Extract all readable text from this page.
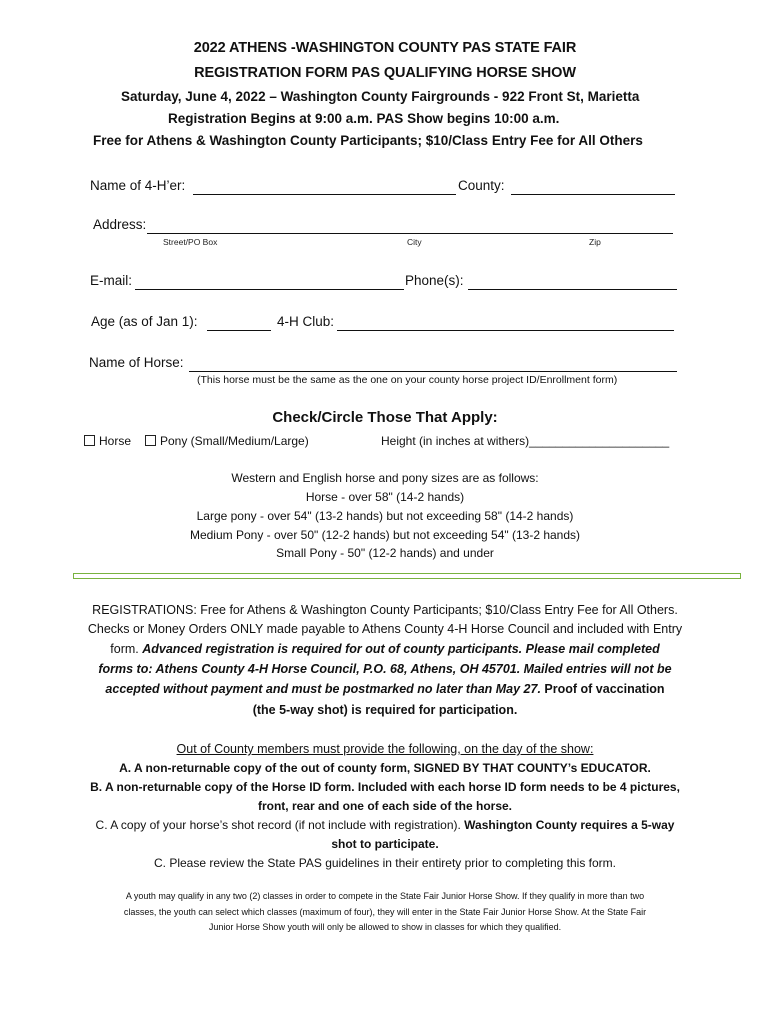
2022 ATHENS -WASHINGTON COUNTY PAS STATE FAIR
REGISTRATION FORM PAS QUALIFYING HORSE SHOW
Saturday, June 4, 2022 – Washington County Fairgrounds - 922 Front St, Marietta
Registration Begins at 9:00 a.m. PAS Show begins 10:00 a.m.
Free for Athens & Washington County Participants; $10/Class Entry Fee for All Others
Name of 4-H’er:	County:
Address:
Street/PO Box	City	Zip
E-mail:	Phone(s):
Age (as of Jan 1):	4-H Club:
Name of Horse:
(This horse must be the same as the one on your county horse project ID/Enrollment form)
Check/Circle Those That Apply:
Horse	Pony (Small/Medium/Large)	Height (in inches at withers)_____________________
Western and English horse and pony sizes are as follows:
Horse - over 58" (14-2 hands)
Large pony - over 54" (13-2 hands) but not exceeding 58" (14-2 hands)
Medium Pony - over 50" (12-2 hands) but not exceeding 54" (13-2 hands)
Small Pony - 50" (12-2 hands) and under
REGISTRATIONS: Free for Athens & Washington County Participants; $10/Class Entry Fee for All Others.
Checks or Money Orders ONLY made payable to Athens County 4-H Horse Council and included with Entry
form. Advanced registration is required for out of county participants. Please mail completed
forms to: Athens County 4-H Horse Council, P.O. 68, Athens, OH 45701. Mailed entries will not be
accepted without payment and must be postmarked no later than May 27. Proof of vaccination
(the 5-way shot) is required for participation.
Out of County members must provide the following, on the day of the show:
A. A non-returnable copy of the out of county form, SIGNED BY THAT COUNTY’s EDUCATOR.
B. A non-returnable copy of the Horse ID form. Included with each horse ID form needs to be 4 pictures,
front, rear and one of each side of the horse.
C. A copy of your horse’s shot record (if not include with registration). Washington County requires a 5-way
shot to participate.
C. Please review the State PAS guidelines in their entirety prior to completing this form.
A youth may qualify in any two (2) classes in order to compete in the State Fair Junior Horse Show. If they qualify in more than two
classes, the youth can select which classes (maximum of four), they will enter in the State Fair Junior Horse Show. At the State Fair
Junior Horse Show youth will only be allowed to show in classes for which they qualified.
